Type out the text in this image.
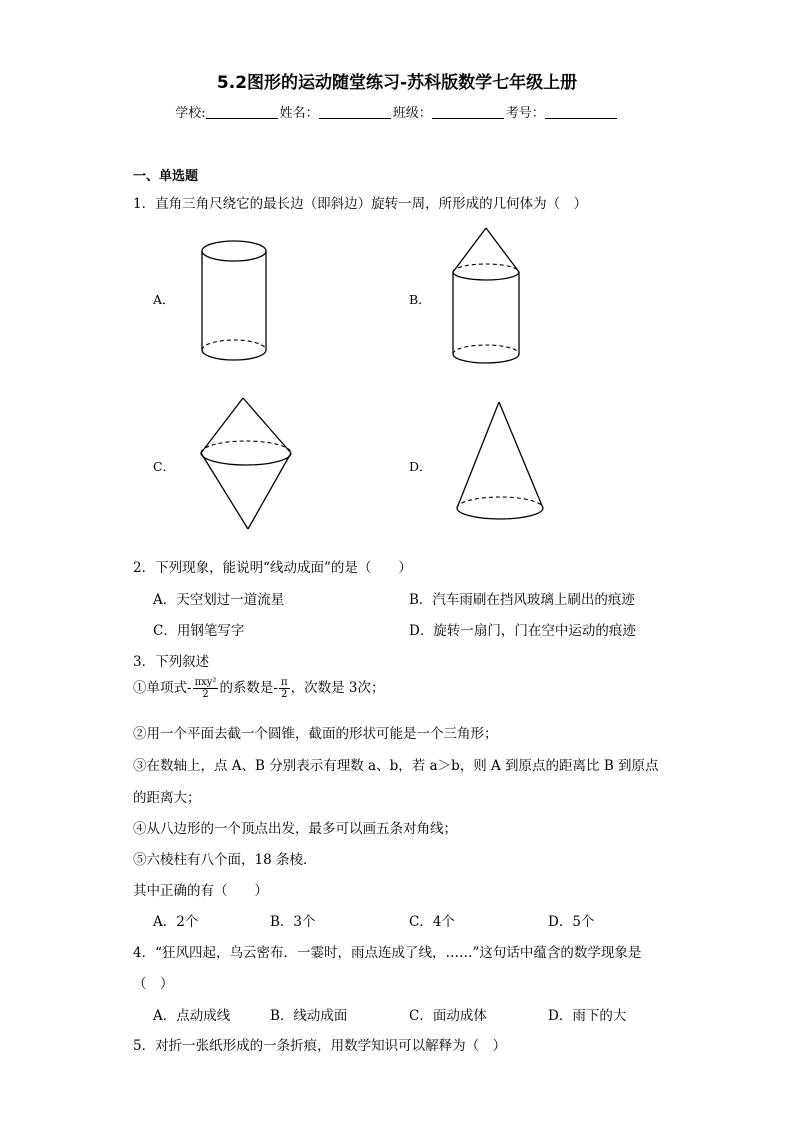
5.2图形的运动随堂练习-苏科版数学七年级上册
学校:	姓名：	班级：	考号：
一、单选题
1．直角三角尺绕它的最长边（即斜边）旋转一周，所形成的几何体为（　）
A．	B．
C．	D．
2．下列现象，能说明“线动成面”的是（　　）
A．天空划过一道流星	B．汽车雨刷在挡风玻璃上刷出的痕迹
C．用钢笔写字	D．旋转一扇门，门在空中运动的痕迹
3．下列叙述
①单项式- $\frac{\text{πxy²}}{2}$ 的系数是- $\frac{\pi}{2}$ ，次数是 3次；
②用一个平面去截一个圆锥，截面的形状可能是一个三角形；
③在数轴上，点 A、B 分别表示有理数 a、b，若 a＞b，则 A 到原点的距离比 B 到原点
的距离大；
④从八边形的一个顶点出发，最多可以画五条对角线；
⑤六棱柱有八个面，18 条棱．
其中正确的有（　　）
A．2个	B．3个	C．4个	D．5个
4．“狂风四起，乌云密布．一霎时，雨点连成了线，……”这句话中蕴含的数学现象是
（　）
A．点动成线	B．线动成面	C．面动成体	D．雨下的大
5．对折一张纸形成的一条折痕，用数学知识可以解释为（　）
